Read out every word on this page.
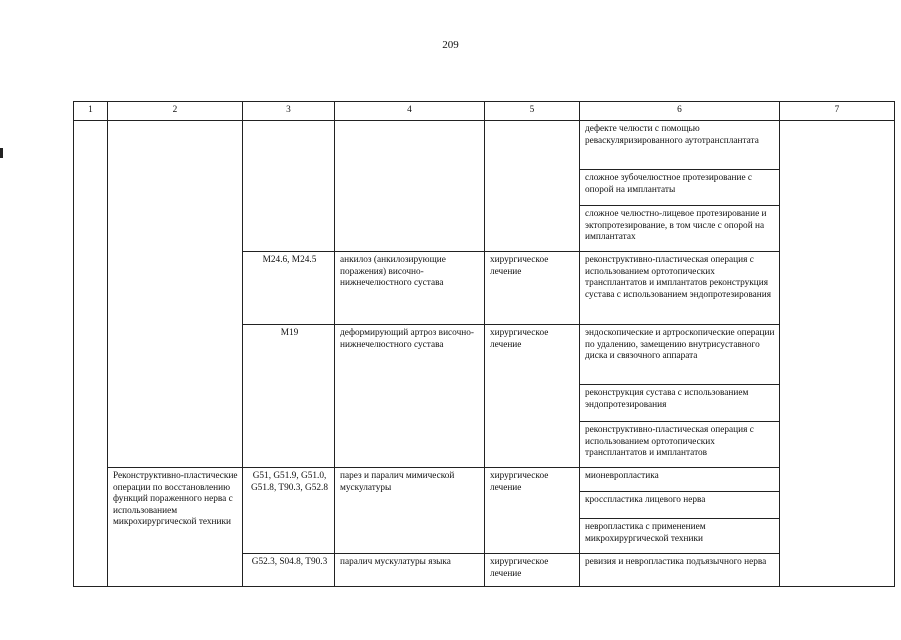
209
1	2	3	4	5	6	7
					дефекте челюсти с помощью реваскуляризированного аутотрансплантата	
					сложное зубочелюстное протезирование с опорой на имплантаты	
					сложное челюстно-лицевое протезирование и эктопротезирование, в том числе с опорой на имплантатах	
		M24.6, M24.5	анкилоз (анкилозирующие поражения) височно-нижнечелюстного сустава	хирургическое лечение	реконструктивно-пластическая операция с использованием ортотопических трансплантатов и имплантатов реконструкция сустава с использованием эндопротезирования	
		M19	деформирующий артроз височно-нижнечелюстного сустава	хирургическое лечение	эндоскопические и артроскопические операции по удалению, замещению внутрисуставного диска и связочного аппарата	
					реконструкция сустава с использованием эндопротезирования	
					реконструктивно-пластическая операция с использованием ортотопических трансплантатов и имплантатов	
	Реконструктивно-пластические операции по восстановлению функций пораженного нерва с использованием микрохирургической техники	G51, G51.9, G51.0, G51.8, T90.3, G52.8	парез и паралич мимической мускулатуры	хирургическое лечение	мионевропластика	
					кросспластика лицевого нерва	
					невропластика с применением микрохирургической техники	
		G52.3, S04.8, T90.3	паралич мускулатуры языка	хирургическое лечение	ревизия и невропластика подъязычного нерва	
